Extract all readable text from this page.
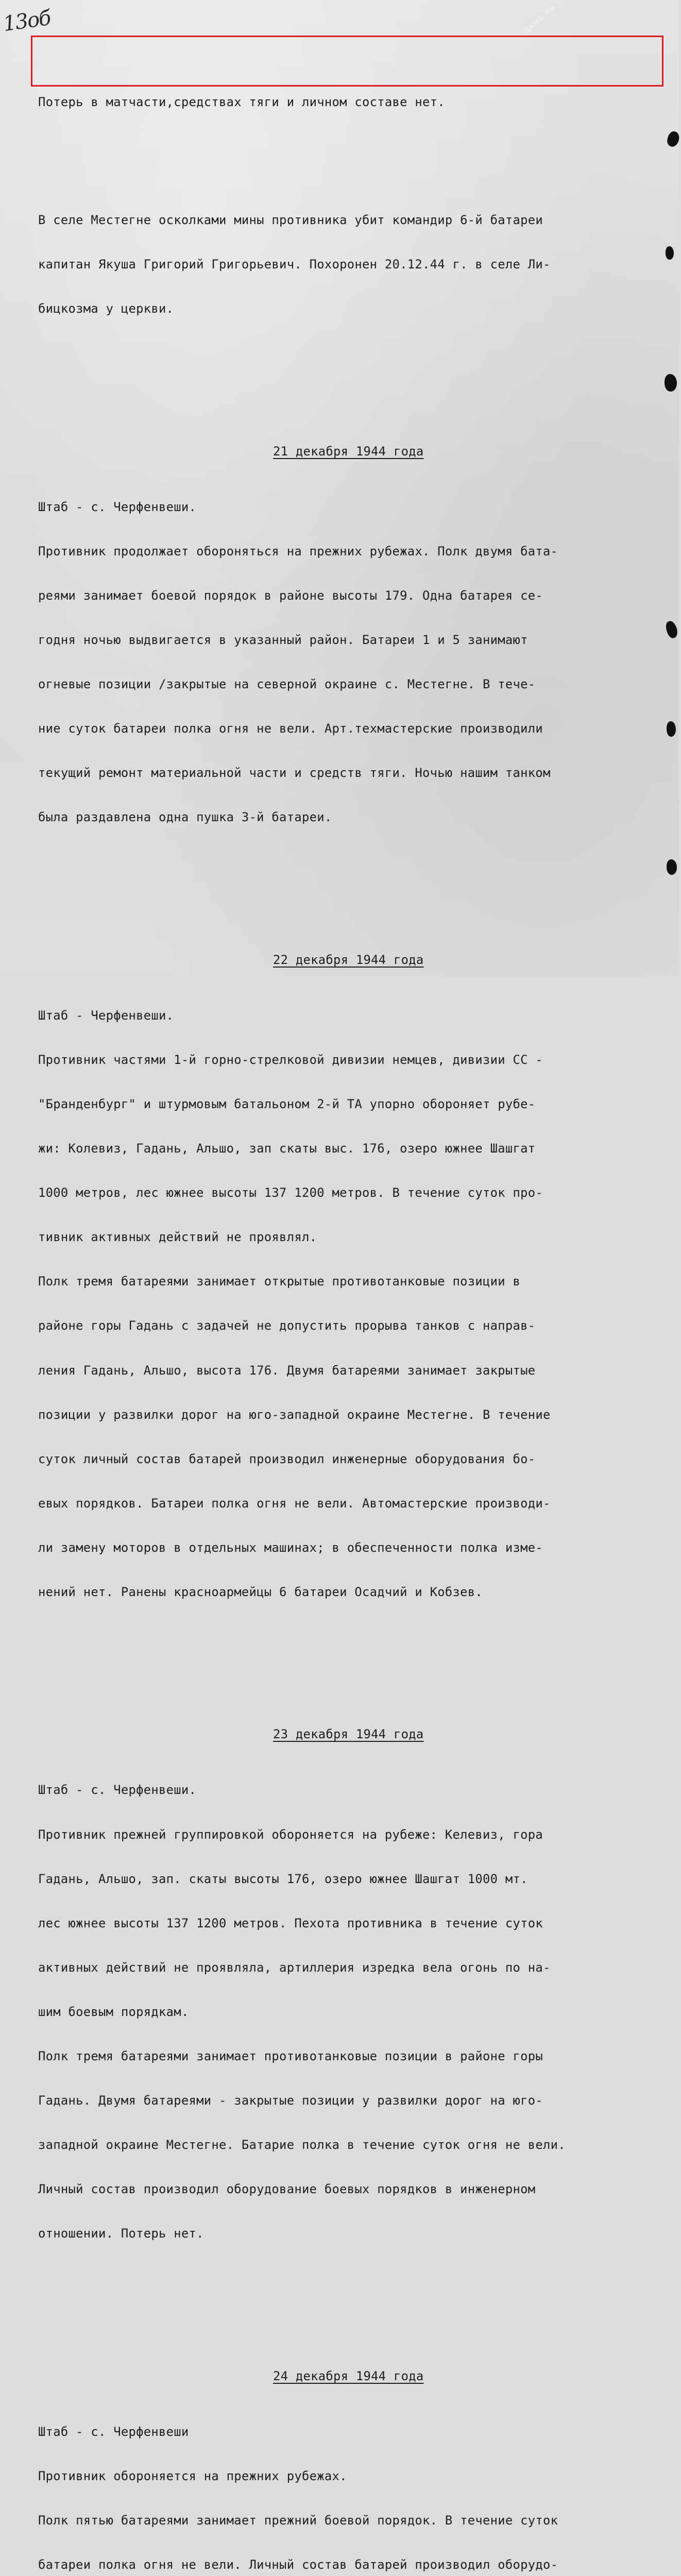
13об	ЦАМО РФ

Потерь в матчасти,средствах тяги и личном составе нет.

В селе Местегне осколками мины противника убит командир 6-й батареи

капитан Якуша Григорий Григорьевич. Похоронен 20.12.44 г. в селе Ли-

бицкозма у церкви.

21 декабря 1944 года

Штаб - с. Черфенвеши.

Противник продолжает обороняться на прежних рубежах. Полк двумя бата-

реями занимает боевой порядок в районе высоты 179. Одна батарея се-

годня ночью выдвигается в указанный район. Батареи 1 и 5 занимают

огневые позиции /закрытые на северной окраине с. Местегне. В тече-

ние суток батареи полка огня не вели. Арт.техмастерские производили

текущий ремонт материальной части и средств тяги. Ночью нашим танком

была раздавлена одна пушка 3-й батареи.

22 декабря 1944 года

Штаб - Черфенвеши.

Противник частями 1-й горно-стрелковой дивизии немцев, дивизии СС -

"Бранденбург" и штурмовым батальоном 2-й ТА упорно обороняет рубе-

жи: Колевиз, Гадань, Альшо, зап скаты выс. 176, озеро южнее Шашгат

1000 метров, лес южнее высоты 137 1200 метров. В течение суток про-

тивник активных действий не проявлял.

Полк тремя батареями занимает открытые противотанковые позиции в

районе горы Гадань с задачей не допустить прорыва танков с направ-

ления Гадань, Альшо, высота 176. Двумя батареями занимает закрытые

позиции у развилки дорог на юго-западной окраине Местегне. В течение

суток личный состав батарей производил инженерные оборудования бо-

евых порядков. Батареи полка огня не вели. Автомастерские производи-

ли замену моторов в отдельных машинах; в обеспеченности полка изме-

нений нет. Ранены красноармейцы 6 батареи Осадчий и Кобзев.

23 декабря 1944 года

Штаб - с. Черфенвеши.

Противник прежней группировкой обороняется на рубеже: Келевиз, гора

Гадань, Альшо, зап. скаты высоты 176, озеро южнее Шашгат 1000 мт.

лес южнее высоты 137 1200 метров. Пехота противника в течение суток

активных действий не проявляла, артиллерия изредка вела огонь по на-

шим боевым порядкам.

Полк тремя батареями занимает противотанковые позиции в районе горы

Гадань. Двумя батареями - закрытые позиции у развилки дорог на юго-

западной окраине Местегне. Батарие полка в течение суток огня не вели.

Личный состав производил оборудование боевых порядков в инженерном

отношении. Потерь нет.

24 декабря 1944 года

Штаб - с. Черфенвеши

Противник обороняется на прежних рубежах.

Полк пятью батареями занимает прежний боевой порядок. В течение суток

батареи полка огня не вели. Личный состав батарей производил оборудо-
